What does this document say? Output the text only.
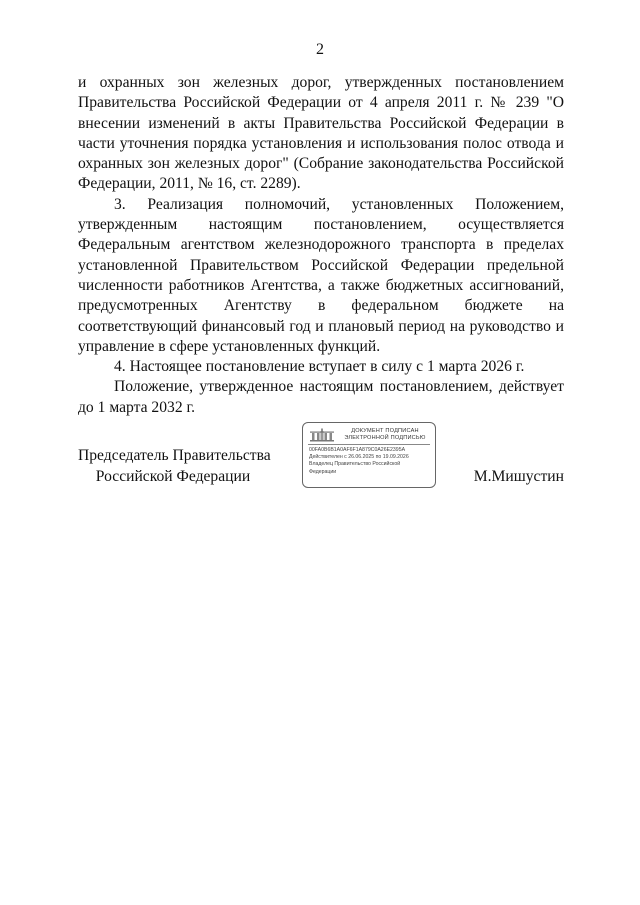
2

и охранных зон железных дорог, утвержденных постановлением Правительства Российской Федерации от 4 апреля 2011 г. № 239 "О внесении изменений в акты Правительства Российской Федерации в части уточнения порядка установления и использования полос отвода и охранных зон железных дорог" (Собрание законодательства Российской Федерации, 2011, № 16, ст. 2289).

3. Реализация полномочий, установленных Положением, утвержденным настоящим постановлением, осуществляется Федеральным агентством железнодорожного транспорта в пределах установленной Правительством Российской Федерации предельной численности работников Агентства, а также бюджетных ассигнований, предусмотренных Агентству в федеральном бюджете на соответствующий финансовый год и плановый период на руководство и управление в сфере установленных функций.

4. Настоящее постановление вступает в силу с 1 марта 2026 г.

Положение, утвержденное настоящим постановлением, действует до 1 марта 2032 г.

Председатель Правительства
Российской Федерации
ДОКУМЕНТ ПОДПИСАН
ЭЛЕКТРОННОЙ ПОДПИСЬЮ
00FA0B6B1A0AF6F1A879C0A26E2395A
Действителен с 26.06.2025 по 19.09.2026
Владелец Правительство Российской
Федерации	М.Мишустин
